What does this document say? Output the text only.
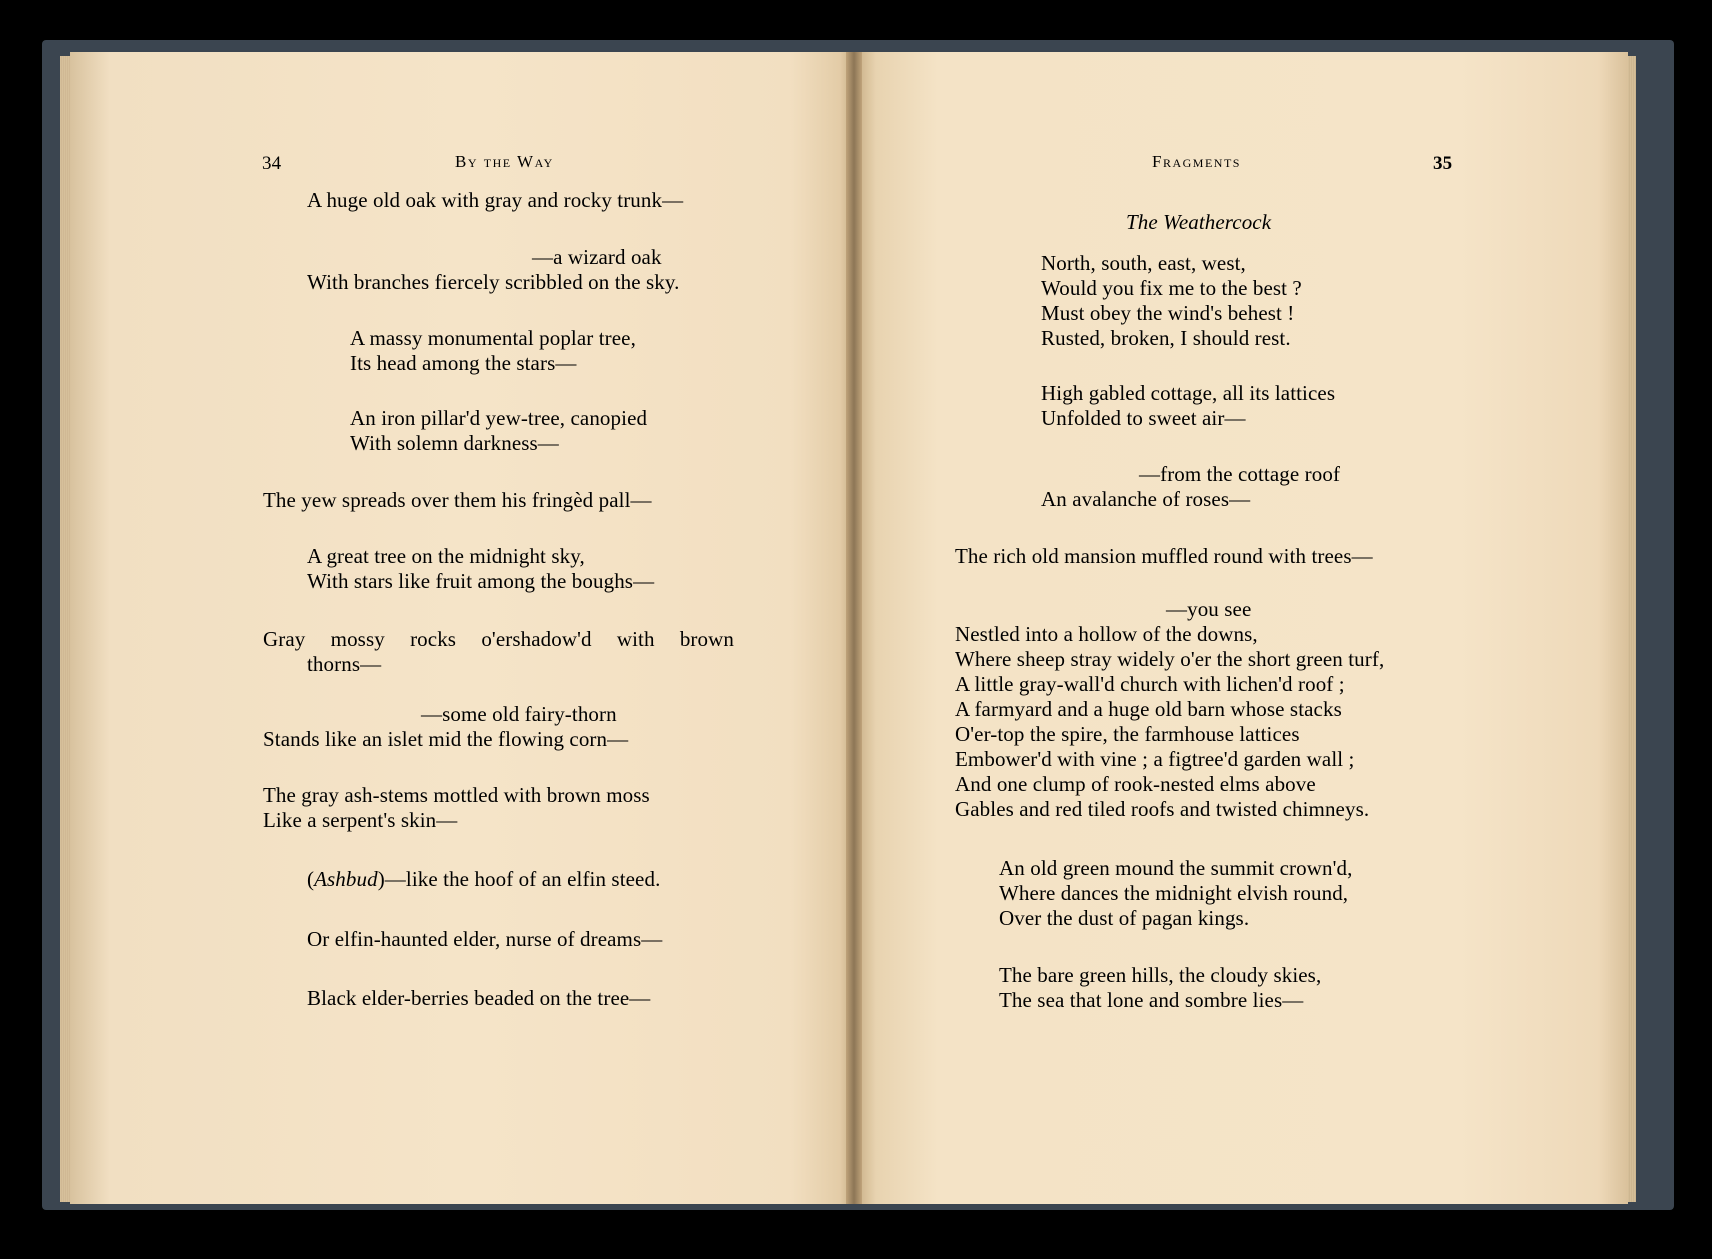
34	By the Way
A huge old oak with gray and rocky trunk—
—a wizard oak
With branches fiercely scribbled on the sky.
A massy monumental poplar tree,
Its head among the stars—
An iron pillar'd yew-tree, canopied
With solemn darkness—
The yew spreads over them his fringèd pall—
A great tree on the midnight sky,
With stars like fruit among the boughs—
Gray mossy rocks o'ershadow'd with brown
thorns—
—some old fairy-thorn
Stands like an islet mid the flowing corn—
The gray ash-stems mottled with brown moss
Like a serpent's skin—
(Ashbud)—like the hoof of an elfin steed.
Or elfin-haunted elder, nurse of dreams—
Black elder-berries beaded on the tree—
Fragments	35
The Weathercock
North, south, east, west,
Would you fix me to the best ?
Must obey the wind's behest !
Rusted, broken, I should rest.
High gabled cottage, all its lattices
Unfolded to sweet air—
—from the cottage roof
An avalanche of roses—
The rich old mansion muffled round with trees—
—you see
Nestled into a hollow of the downs,
Where sheep stray widely o'er the short green turf,
A little gray-wall'd church with lichen'd roof ;
A farmyard and a huge old barn whose stacks
O'er-top the spire, the farmhouse lattices
Embower'd with vine ; a figtree'd garden wall ;
And one clump of rook-nested elms above
Gables and red tiled roofs and twisted chimneys.
An old green mound the summit crown'd,
Where dances the midnight elvish round,
Over the dust of pagan kings.
The bare green hills, the cloudy skies,
The sea that lone and sombre lies—
